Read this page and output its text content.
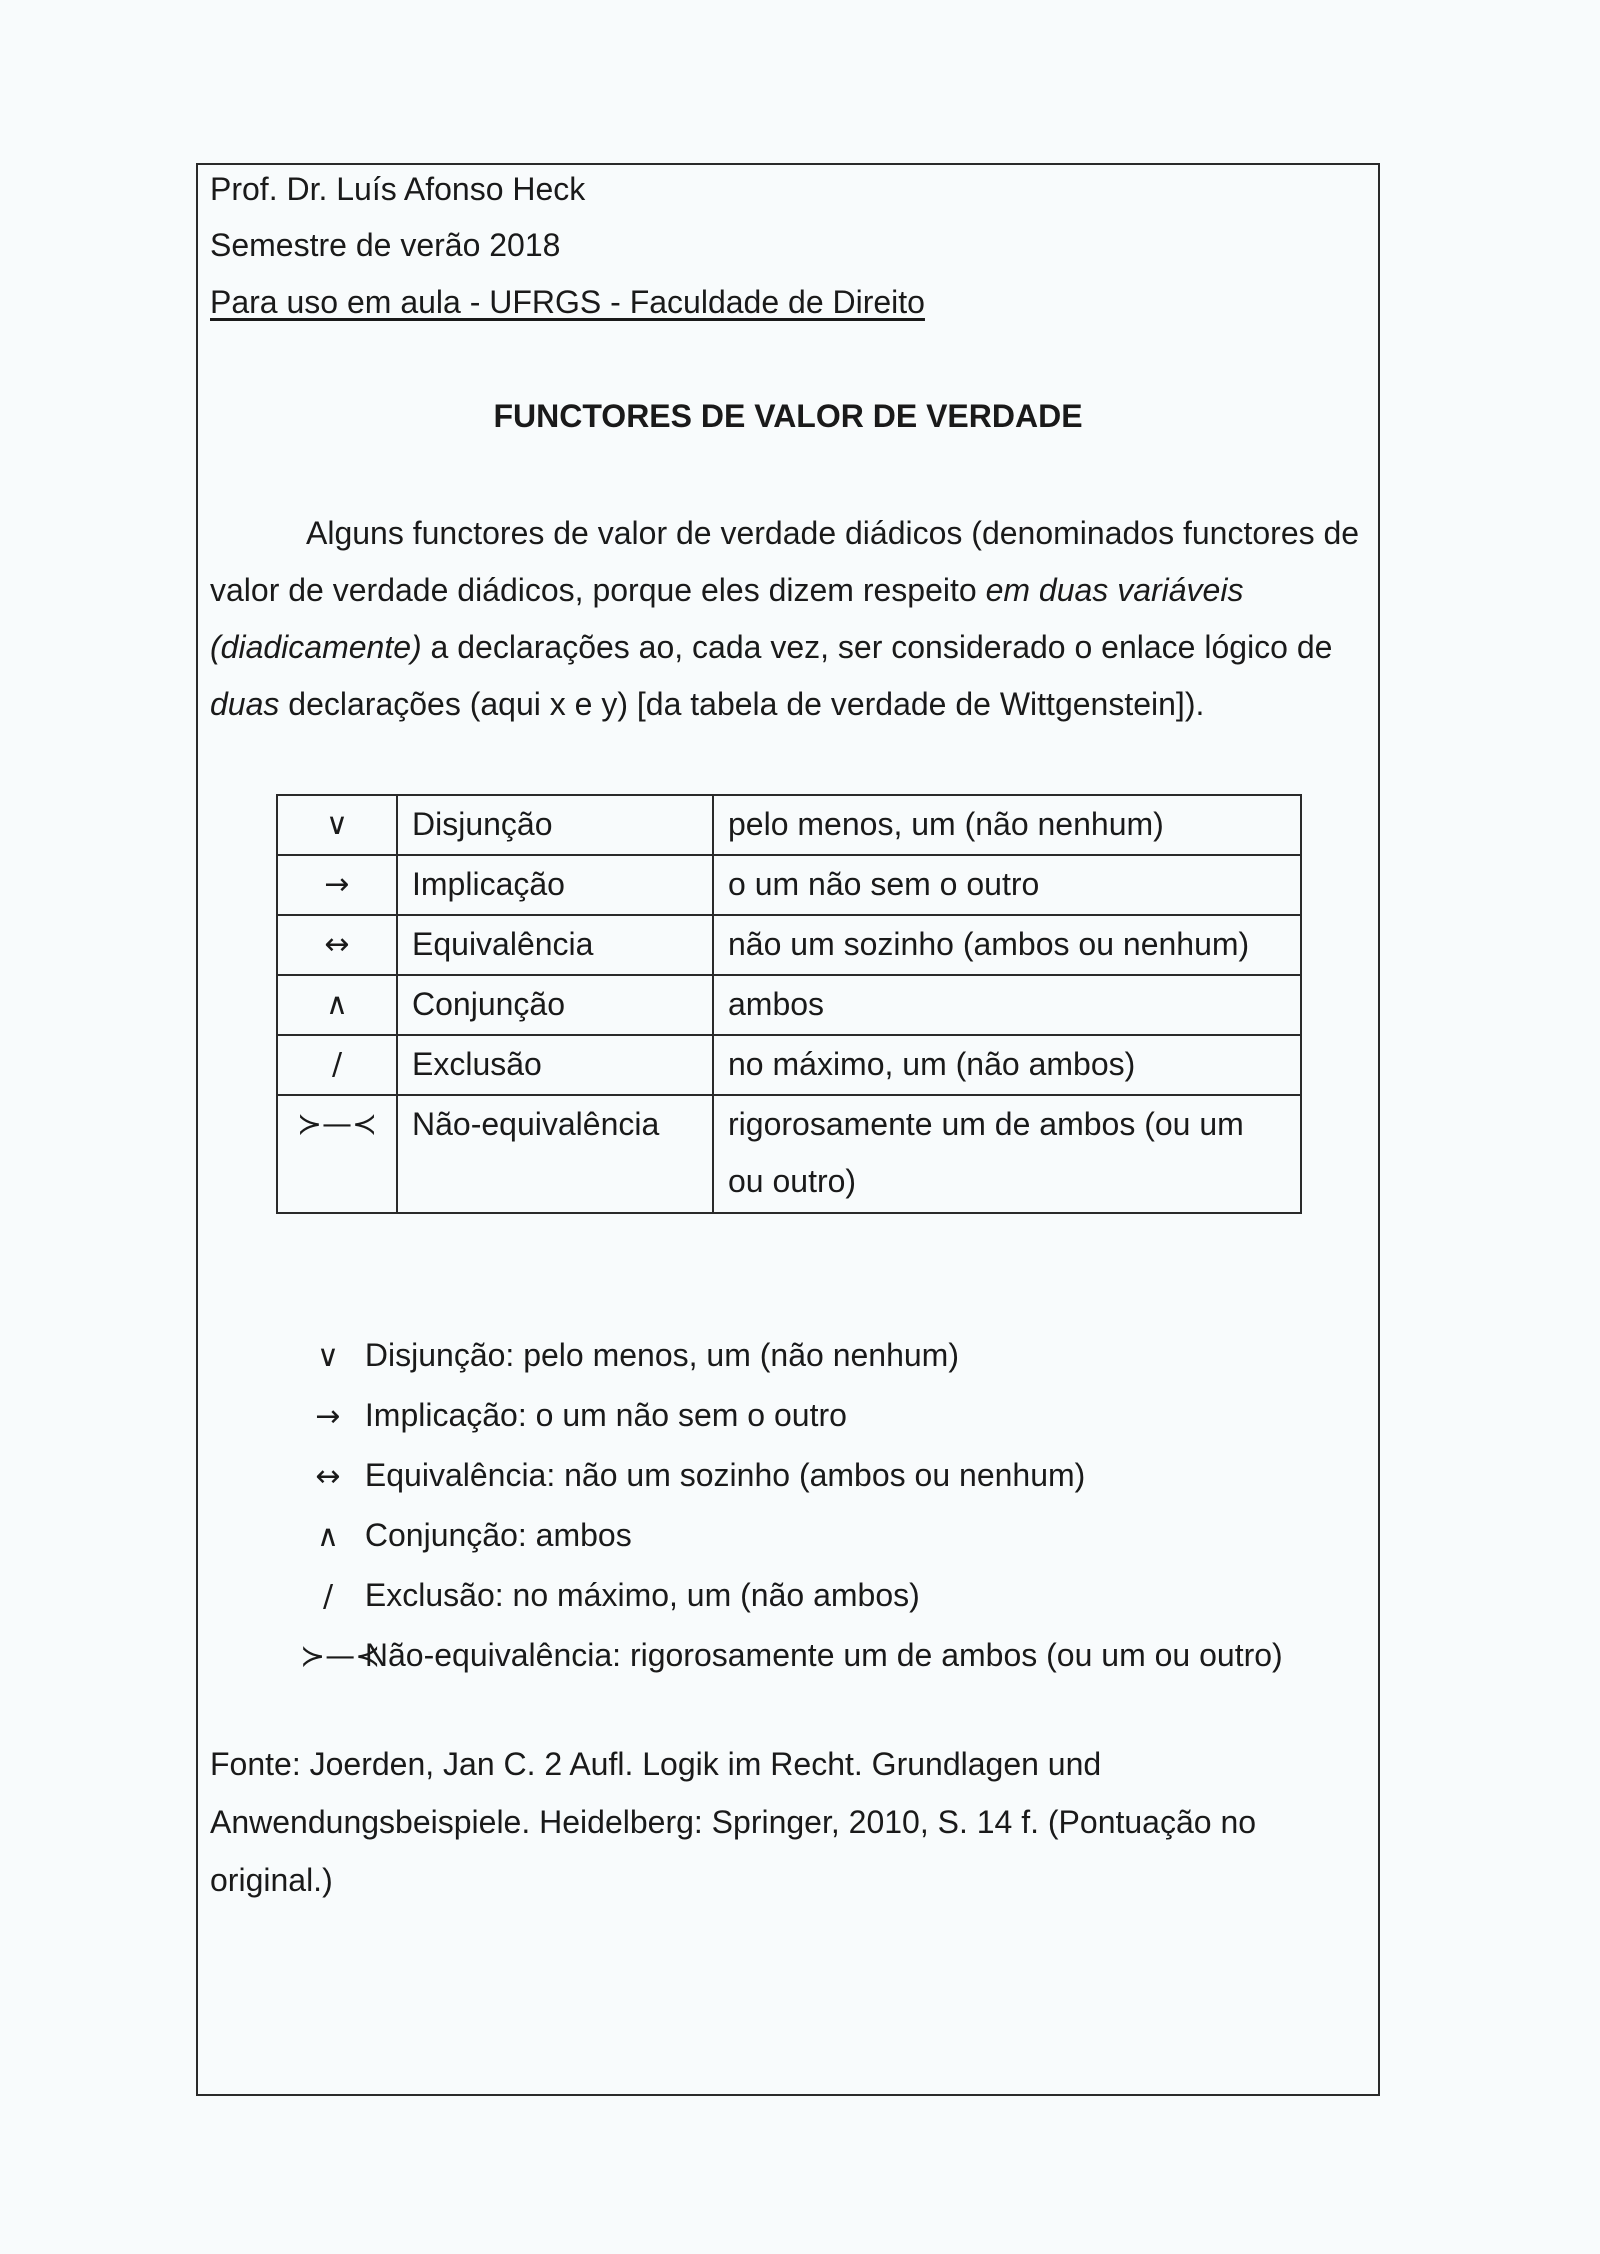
Prof. Dr. Luís Afonso Heck
Semestre de verão 2018
Para uso em aula - UFRGS - Faculdade de Direito
FUNCTORES DE VALOR DE VERDADE
Alguns functores de valor de verdade diádicos (denominados functores de valor de verdade diádicos, porque eles dizem respeito em duas variáveis (diadicamente) a declarações ao, cada vez, ser considerado o enlace lógico de duas declarações (aqui x e y) [da tabela de verdade de Wittgenstein]).
∨	Disjunção	pelo menos, um (não nenhum)
→	Implicação	o um não sem o outro
↔	Equivalência	não um sozinho (ambos ou nenhum)
∧	Conjunção	ambos
/	Exclusão	no máximo, um (não ambos)
≻—≺	Não-equivalência	rigorosamente um de ambos (ou um ou outro)
∨ Disjunção: pelo menos, um (não nenhum)
→ Implicação: o um não sem o outro
↔ Equivalência: não um sozinho (ambos ou nenhum)
∧ Conjunção: ambos
/ Exclusão: no máximo, um (não ambos)
≻—≺ Não-equivalência: rigorosamente um de ambos (ou um ou outro)
Fonte: Joerden, Jan C. 2 Aufl. Logik im Recht. Grundlagen und Anwendungsbeispiele. Heidelberg: Springer, 2010, S. 14 f. (Pontuação no original.)
